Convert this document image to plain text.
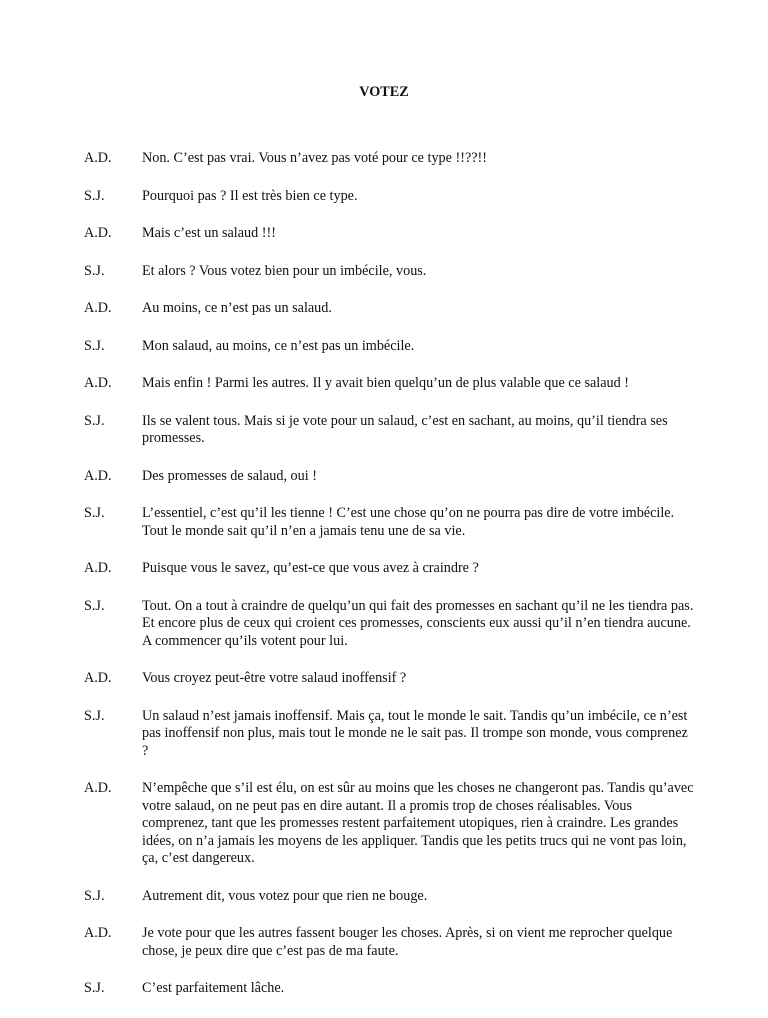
VOTEZ
A.D.	Non. C’est pas vrai. Vous n’avez pas voté pour ce type !!??!!
S.J.	Pourquoi pas ? Il est très bien ce type.
A.D.	Mais c’est un salaud !!!
S.J.	Et alors ? Vous votez bien pour un imbécile, vous.
A.D.	Au moins, ce n’est pas un salaud.
S.J.	Mon salaud, au moins, ce n’est pas un imbécile.
A.D.	Mais enfin ! Parmi les autres. Il y avait bien quelqu’un de plus valable que ce salaud !
S.J.	Ils se valent tous. Mais si je vote pour un salaud, c’est en sachant, au moins, qu’il tiendra ses promesses.
A.D.	Des promesses de salaud, oui !
S.J.	L’essentiel, c’est qu’il les tienne ! C’est une chose qu’on ne pourra pas dire de votre imbécile. Tout le monde sait qu’il n’en a jamais tenu une de sa vie.
A.D.	Puisque vous le savez, qu’est-ce que vous avez à craindre ?
S.J.	Tout. On a tout à craindre de quelqu’un qui fait des promesses en sachant qu’il ne les tiendra pas. Et encore plus de ceux qui croient ces promesses, conscients eux aussi qu’il n’en tiendra aucune. A commencer qu’ils votent pour lui.
A.D.	Vous croyez peut-être votre salaud inoffensif ?
S.J.	Un salaud n’est jamais inoffensif. Mais ça, tout le monde le sait. Tandis qu’un imbécile, ce n’est pas inoffensif non plus, mais tout le monde ne le sait pas. Il trompe son monde, vous comprenez ?
A.D.	N’empêche que s’il est élu, on est sûr au moins que les choses ne changeront pas. Tandis qu’avec votre salaud, on ne peut pas en dire autant. Il a promis trop de choses réalisables. Vous comprenez, tant que les promesses restent parfaitement utopiques, rien à craindre. Les grandes idées, on n’a jamais les moyens de les appliquer. Tandis que les petits trucs qui ne vont pas loin, ça, c’est dangereux.
S.J.	Autrement dit, vous votez pour que rien ne bouge.
A.D.	Je vote pour que les autres fassent bouger les choses. Après, si on vient me reprocher quelque chose, je peux dire que c’est pas de ma faute.
S.J.	C’est parfaitement lâche.
